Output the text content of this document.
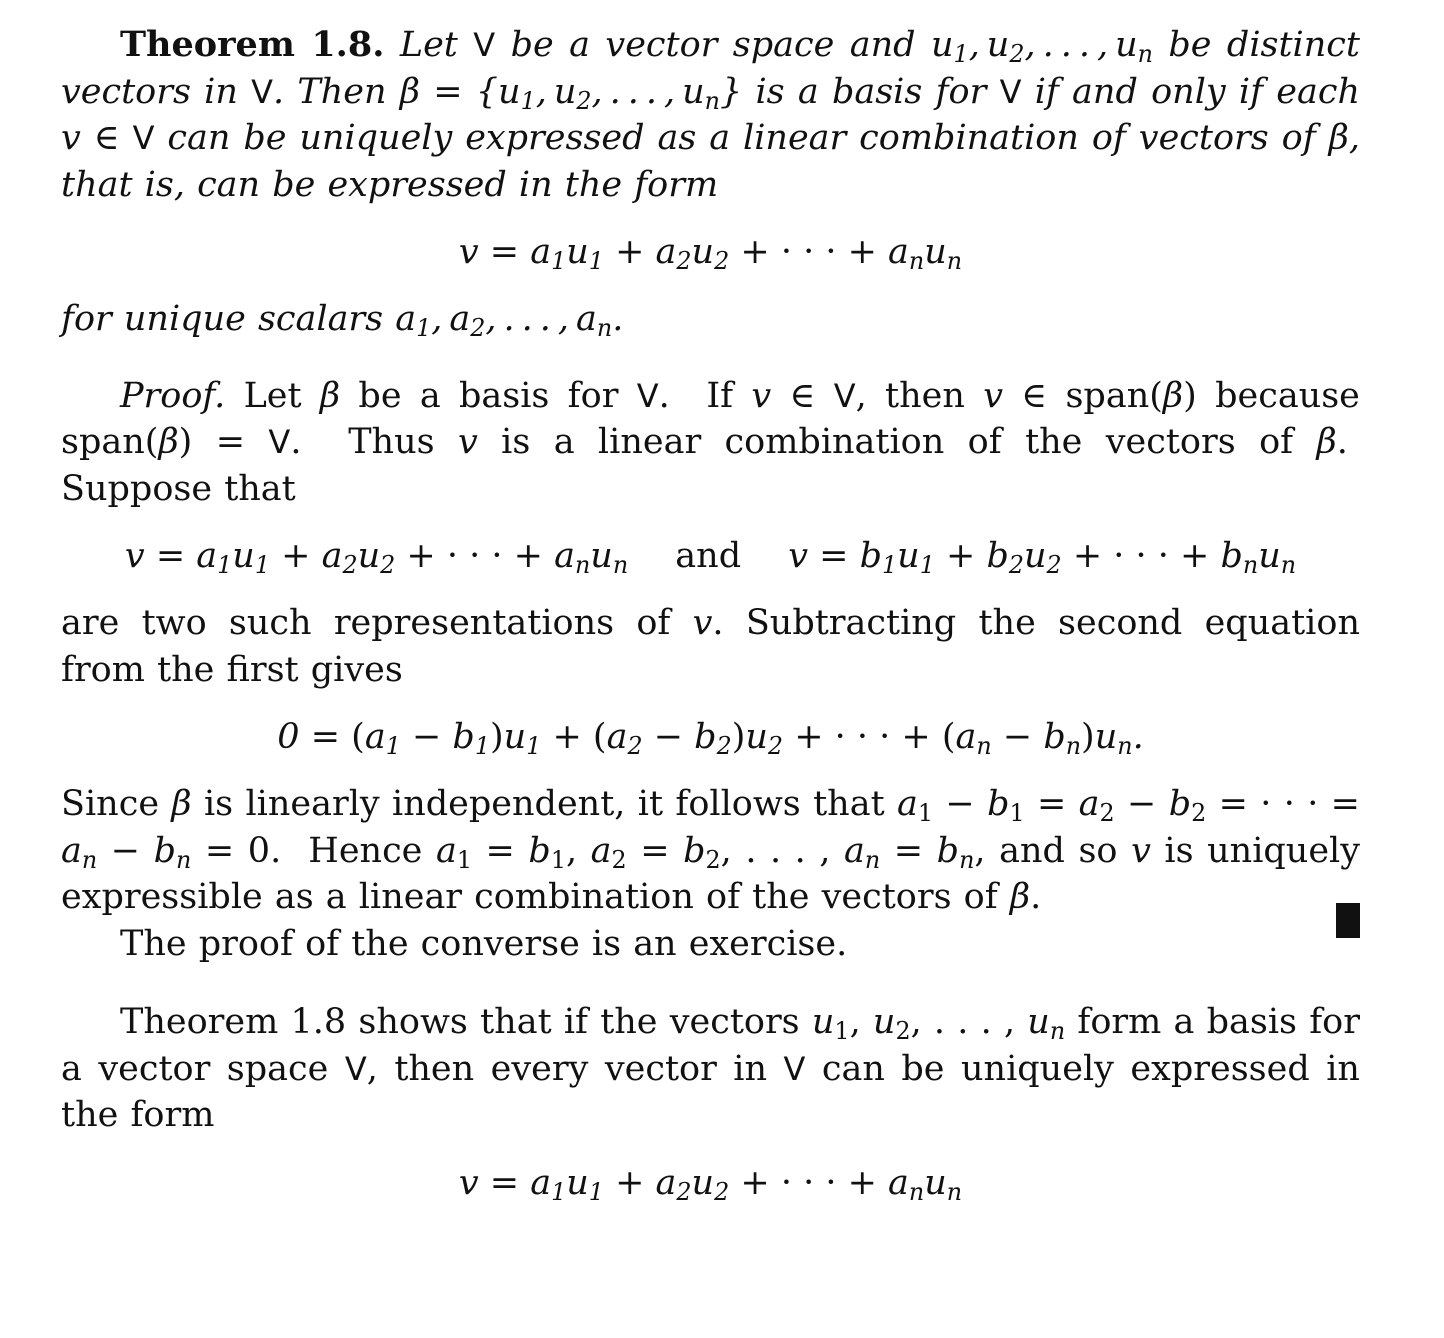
Theorem 1.8. Let V be a vector space and $u_1$, $u_2$, . . . , $u_n$ be distinct vectors in V. Then $\beta = \{u_1$, $u_2$, . . . , $u_n$} is a basis for V if and only if each v ∈ V can be uniquely expressed as a linear combination of vectors of β, that is, can be expressed in the form

$v = a_1u_1 + a_2u_2$ + · · · + $a_nu_n$

for unique scalars $a_1$, $a_2$, . . . , $a_n$.

Proof. Let β be a basis for V.  If v ∈ V, then v ∈ span(β) because span(β) = V.  Thus v is a linear combination of the vectors of β.  Suppose that

$v = a_1u_1 + a_2u_2$ + · · · + $a_nu_n$ and $v = b_1u_1 + b_2u_2$ + · · · + $b_nu_n$

are two such representations of v. Subtracting the second equation from the first gives

$0 = (a_1 - b_1)u_1 + (a_2 - b_2)u_2$ + · · · + $(a_n - b_n)u_n$.

Since β is linearly independent, it follows that $a_1 - b_1 = a_2 - b_2$ = · · · = $a_n - b_n = 0$.  Hence $a_1 = b_1$, $a_2 = b_2$, . . . , $a_n = b_n$, and so v is uniquely expressible as a linear combination of the vectors of β.

The proof of the converse is an exercise.

Theorem 1.8 shows that if the vectors $u_1$, $u_2$, . . . , $u_n$ form a basis for a vector space V, then every vector in V can be uniquely expressed in the form

$v = a_1u_1 + a_2u_2$ + · · · + $a_nu_n$
